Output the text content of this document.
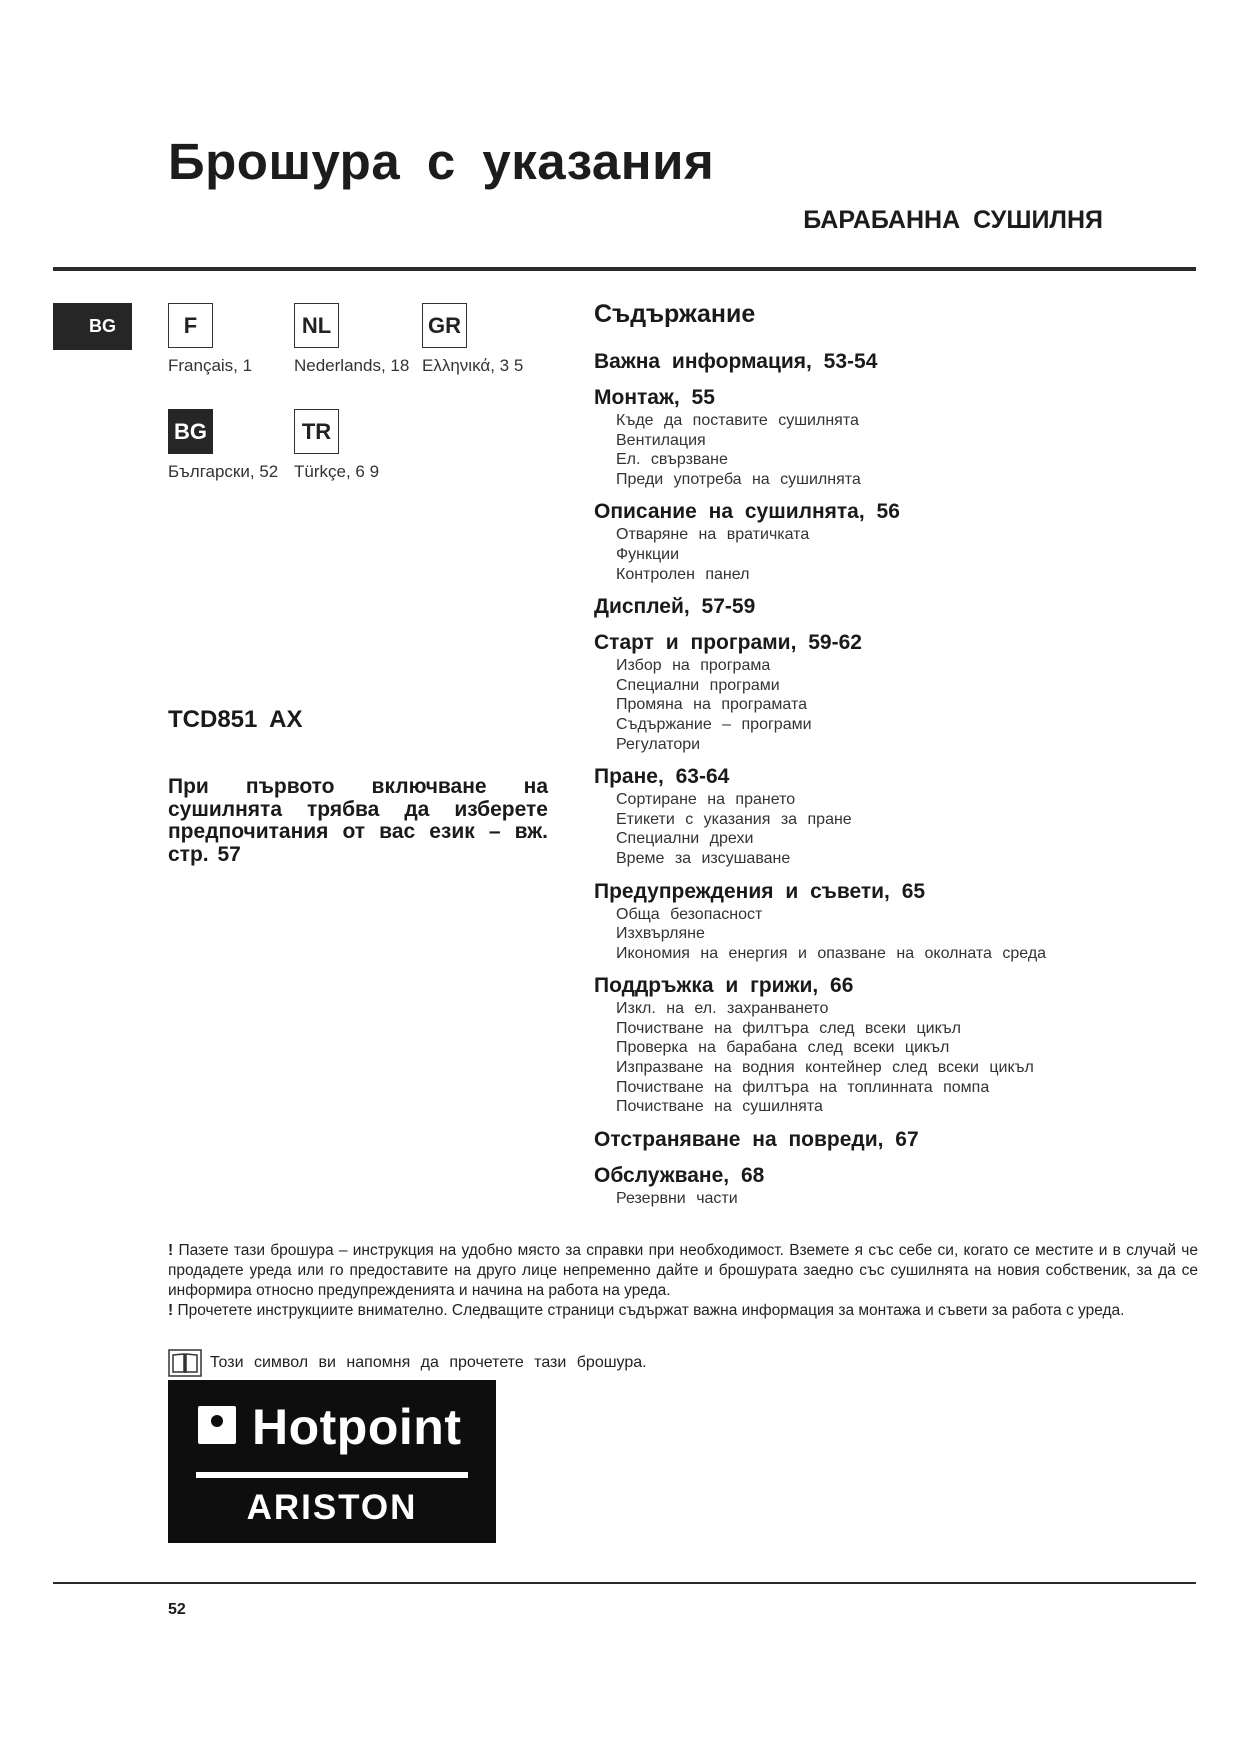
Брошура с указания
БАРАБАННА СУШИЛНЯ
BG	F
Français, 1
NL
Nederlands, 18
GR
Ελληνικά, 3 5
BG
Български, 52
TR
Türkçe, 6 9
TCD851 AX
При първото включване на сушилнята трябва да изберете предпочитания от вас език – вж. стр. 57
Съдържание
Важна информация, 53-54
Монтаж, 55
Къде да поставите сушилнята
Вентилация
Ел. свързване
Преди употреба на сушилнята
Описание на сушилнята, 56
Отваряне на вратичката
Функции
Контролен панел
Дисплей, 57-59
Старт и програми, 59-62
Избор на програма
Специални програми
Промяна на програмата
Съдържание – програми
Регулатори
Пране, 63-64
Сортиране на прането
Етикети с указания за пране
Специални дрехи
Време за изсушаване
Предупреждения и съвети, 65
Обща безопасност
Изхвърляне
Икономия на енергия и опазване на околната среда
Поддръжка и грижи, 66
Изкл. на ел. захранването
Почистване на филтъра след всеки цикъл
Проверка на барабана след всеки цикъл
Изпразване на водния контейнер след всеки цикъл
Почистване на филтъра на топлинната помпа
Почистване на сушилнята
Отстраняване на повреди, 67
Обслужване, 68
Резервни части

! Пазете тази брошура – инструкция на удобно място за справки при необходимост. Вземете я със себе си, когато се местите и в случай че продадете уреда или го предоставите на друго лице непременно дайте и брошурата заедно със сушилнята на новия собственик, за да се информира относно предупрежденията и начина на работа на уреда.

! Прочетете инструкциите внимателно. Следващите страници съдържат важна информация за монтажа и съвети за работа с уреда.

Този символ ви напомня да прочетете тази брошура.
Hotpoint
ARISTON
52
